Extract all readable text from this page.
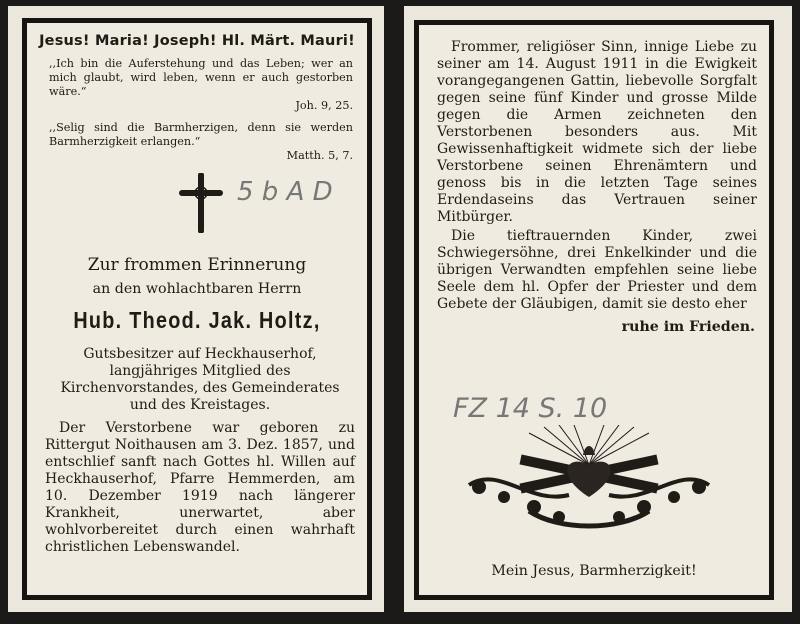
Jesus! Maria! Joseph! Hl. Märt. Mauri!
,,Ich bin die Auferstehung und das Leben; wer an mich glaubt, wird leben, wenn er auch gestorben wäre.“
Joh. 9, 25.
,,Selig sind die Barmherzigen, denn sie werden Barmherzigkeit erlangen.“
Matth. 5, 7.
5 b A D
Zur frommen Erinnerung
an den wohlachtbaren Herrn
Hub. Theod. Jak. Holtz,
Gutsbesitzer auf Heckhauserhof, langjähriges Mitglied des Kirchenvorstandes, des Gemeinderates und des Kreistages.
Der Verstorbene war geboren zu Rittergut Noithausen am 3. Dez. 1857, und entschlief sanft nach Gottes hl. Willen auf Heckhauserhof, Pfarre Hemmerden, am 10. Dezember 1919 nach längerer Krankheit, unerwartet, aber wohlvorbereitet durch einen wahrhaft christlichen Lebenswandel.
Frommer, religiöser Sinn, innige Liebe zu seiner am 14. August 1911 in die Ewigkeit vorangegangenen Gattin, liebevolle Sorgfalt gegen seine fünf Kinder und grosse Milde gegen die Armen zeichneten den Verstorbenen besonders aus. Mit Gewissenhaftigkeit widmete sich der liebe Verstorbene seinen Ehrenämtern und genoss bis in die letzten Tage seines Erdendaseins das Vertrauen seiner Mitbürger.
Die tieftrauernden Kinder, zwei Schwiegersöhne, drei Enkelkinder und die übrigen Verwandten empfehlen seine liebe Seele dem hl. Opfer der Priester und dem Gebete der Gläubigen, damit sie desto eher
ruhe im Frieden.
FZ 14 S. 10
Mein Jesus, Barmherzigkeit!
